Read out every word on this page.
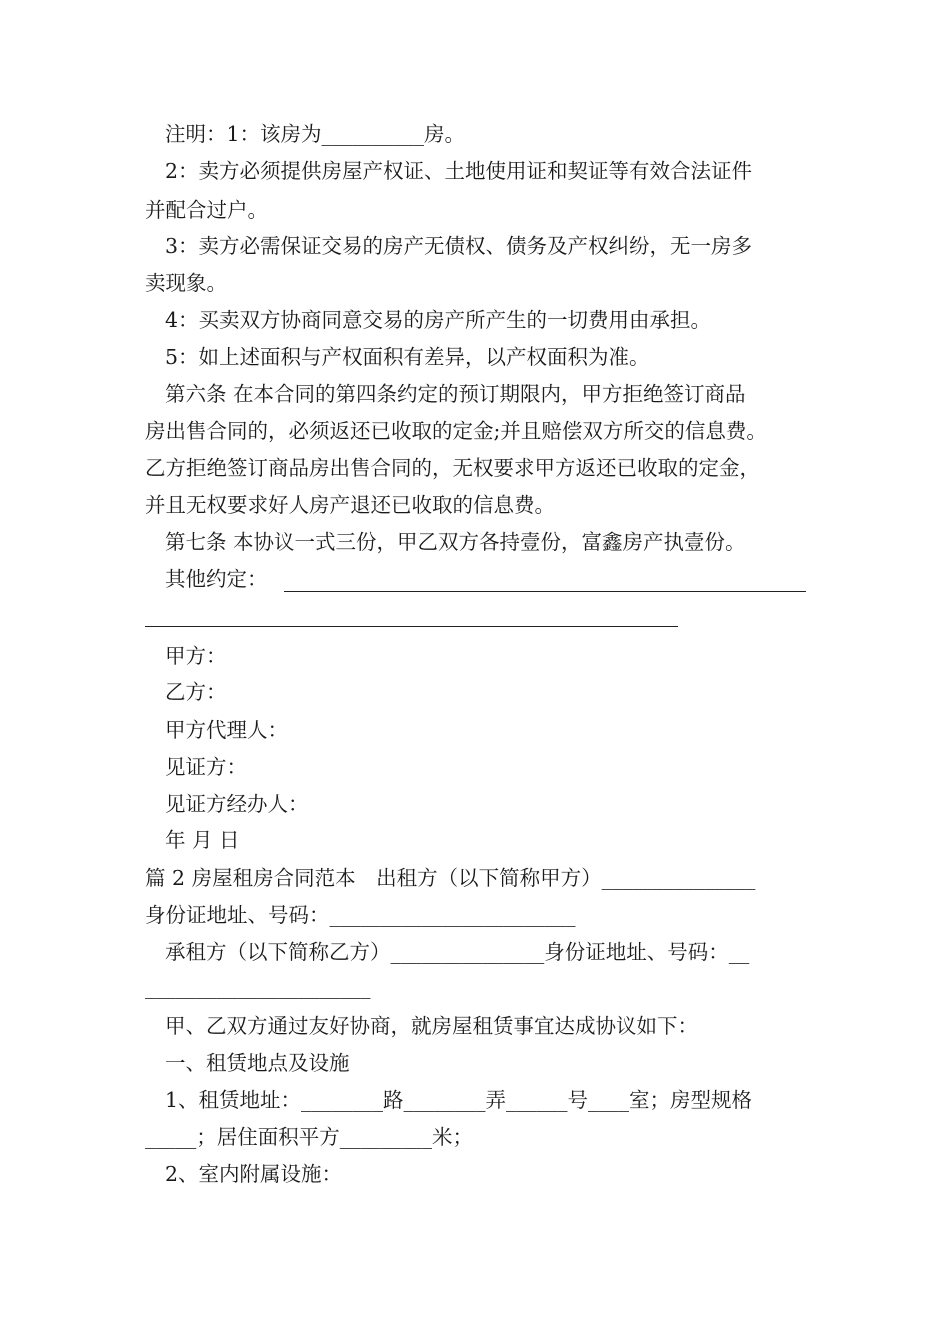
注明：1：该房为__________房。
2：卖方必须提供房屋产权证、土地使用证和契证等有效合法证件
并配合过户。
3：卖方必需保证交易的房产无债权、债务及产权纠纷，无一房多
卖现象。
4：买卖双方协商同意交易的房产所产生的一切费用由承担。
5：如上述面积与产权面积有差异，以产权面积为准。
第六条 在本合同的第四条约定的预订期限内，甲方拒绝签订商品
房出售合同的，必须返还已收取的定金;并且赔偿双方所交的信息费。
乙方拒绝签订商品房出售合同的，无权要求甲方返还已收取的定金，
并且无权要求好人房产退还已收取的信息费。
第七条 本协议一式三份，甲乙双方各持壹份，富鑫房产执壹份。
其他约定：
甲方：
乙方：
甲方代理人：
见证方：
见证方经办人：
年 月 日
篇 2 房屋租房合同范本　出租方（以下简称甲方）_______________
身份证地址、号码：________________________
承租方（以下简称乙方）_______________身份证地址、号码：__
______________________
甲、乙双方通过友好协商，就房屋租赁事宜达成协议如下：
一、租赁地点及设施
1、租赁地址：________路________弄______号____室；房型规格
_____；居住面积平方_________米；
2、室内附属设施：
